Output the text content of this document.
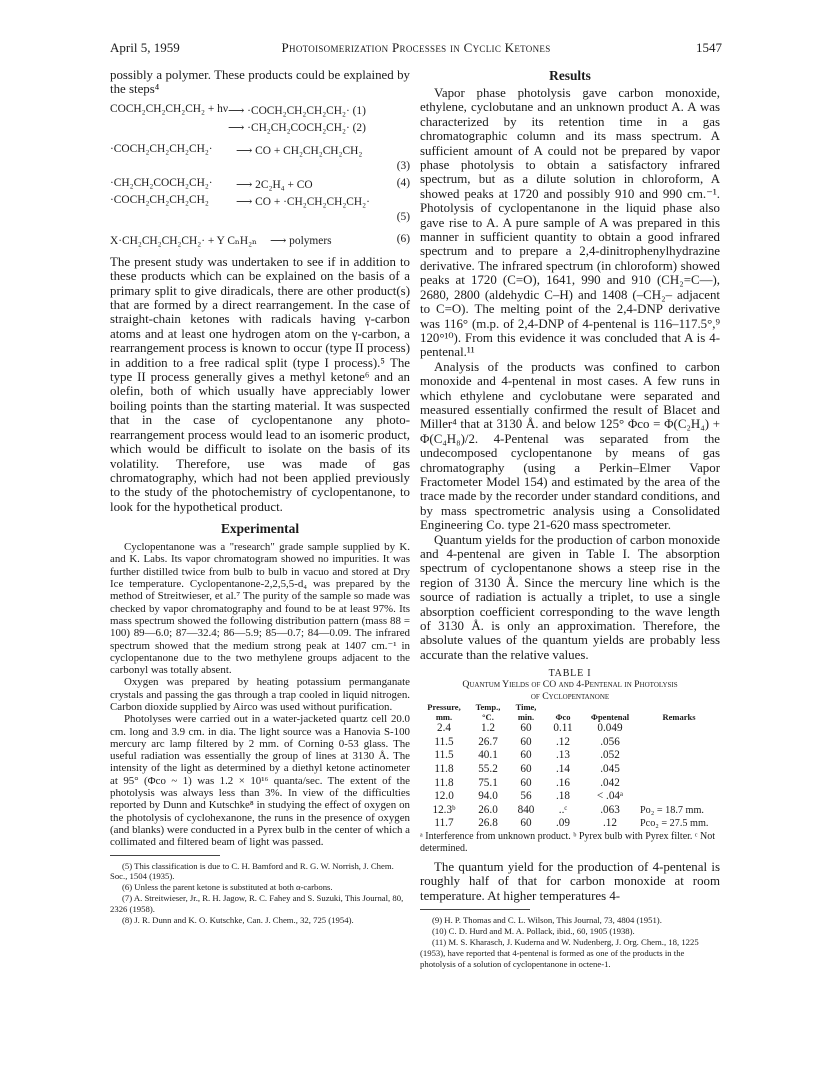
April 5, 1959	Photoisomerization Processes in Cyclic Ketones	1547

possibly a polymer. These products could be explained by the steps⁴

COCH₂CH₂CH₂CH₂ + hν ⟶ ·COCH₂CH₂CH₂CH₂· (1)
⟶ ·CH₂CH₂COCH₂CH₂· (2)
·COCH₂CH₂CH₂CH₂· ⟶ CO + CH₂CH₂CH₂CH₂
(3)
·CH₂CH₂COCH₂CH₂· ⟶ 2C₂H₄ + CO	(4)
·COCH₂CH₂CH₂CH₂ ⟶ CO + ·CH₂CH₂CH₂CH₂·
(5)
X·CH₂CH₂CH₂CH₂· + Y CₙH₂ₙ ⟶ polymers	(6)

The present study was undertaken to see if in addition to these products which can be explained on the basis of a primary split to give diradicals, there are other product(s) that are formed by a direct rearrangement. In the case of straight-chain ketones with radicals having γ-carbon atoms and at least one hydrogen atom on the γ-carbon, a rearrangement process is known to occur (type II process) in addition to a free radical split (type I process).⁵ The type II process generally gives a methyl ketone⁶ and an olefin, both of which usually have appreciably lower boiling points than the starting material. It was suspected that in the case of cyclopentanone any photo-rearrangement process would lead to an isomeric product, which would be difficult to isolate on the basis of its volatility. Therefore, use was made of gas chromatography, which had not been applied previously to the study of the photochemistry of cyclopentanone, to look for the hypothetical product.

Experimental

Cyclopentanone was a "research" grade sample supplied by K. and K. Labs. Its vapor chromatogram showed no impurities. It was further distilled twice from bulb to bulb in vacuo and stored at Dry Ice temperature. Cyclopentanone-2,2,5,5-d₄ was prepared by the method of Streitwieser, et al.⁷ The purity of the sample so made was checked by vapor chromatography and found to be at least 97%. Its mass spectrum showed the following distribution pattern (mass 88 = 100) 89—6.0; 87—32.4; 86—5.9; 85—0.7; 84—0.09. The infrared spectrum showed that the medium strong peak at 1407 cm.⁻¹ in cyclopentanone due to the two methylene groups adjacent to the carbonyl was totally absent.

Oxygen was prepared by heating potassium permanganate crystals and passing the gas through a trap cooled in liquid nitrogen. Carbon dioxide supplied by Airco was used without purification.

Photolyses were carried out in a water-jacketed quartz cell 20.0 cm. long and 3.9 cm. in dia. The light source was a Hanovia S-100 mercury arc lamp filtered by 2 mm. of Corning 0-53 glass. The useful radiation was essentially the group of lines at 3130 Å. The intensity of the light as determined by a diethyl ketone actinometer at 95° (Φco ~ 1) was 1.2 × 10¹⁶ quanta/sec. The extent of the photolysis was always less than 3%. In view of the difficulties reported by Dunn and Kutschke⁸ in studying the effect of oxygen on the photolysis of cyclohexanone, the runs in the presence of oxygen (and blanks) were conducted in a Pyrex bulb in the center of which a collimated and filtered beam of light was passed.

(5) This classification is due to C. H. Bamford and R. G. W. Norrish, J. Chem. Soc., 1504 (1935).

(6) Unless the parent ketone is substituted at both α-carbons.

(7) A. Streitwieser, Jr., R. H. Jagow, R. C. Fahey and S. Suzuki, This Journal, 80, 2326 (1958).

(8) J. R. Dunn and K. O. Kutschke, Can. J. Chem., 32, 725 (1954).

Results

Vapor phase photolysis gave carbon monoxide, ethylene, cyclobutane and an unknown product A. A was characterized by its retention time in a gas chromatographic column and its mass spectrum. A sufficient amount of A could not be prepared by vapor phase photolysis to obtain a satisfactory infrared spectrum, but as a dilute solution in chloroform, A showed peaks at 1720 and possibly 910 and 990 cm.⁻¹. Photolysis of cyclopentanone in the liquid phase also gave rise to A. A pure sample of A was prepared in this manner in sufficient quantity to obtain a good infrared spectrum and to prepare a 2,4-dinitrophenylhydrazine derivative. The infrared spectrum (in chloroform) showed peaks at 1720 (C=O), 1641, 990 and 910 (CH₂=C—), 2680, 2800 (aldehydic C–H) and 1408 (–CH₂– adjacent to C=O). The melting point of the 2,4-DNP derivative was 116° (m.p. of 2,4-DNP of 4-pentenal is 116–117.5°,⁹ 120°¹⁰). From this evidence it was concluded that A is 4-pentenal.¹¹

Analysis of the products was confined to carbon monoxide and 4-pentenal in most cases. A few runs in which ethylene and cyclobutane were separated and measured essentially confirmed the result of Blacet and Miller⁴ that at 3130 Å. and below 125° Φco = Φ(C₂H₄) + Φ(C₄H₈)/2. 4-Pentenal was separated from the undecomposed cyclopentanone by means of gas chromatography (using a Perkin–Elmer Vapor Fractometer Model 154) and estimated by the area of the trace made by the recorder under standard conditions, and by mass spectrometric analysis using a Consolidated Engineering Co. type 21-620 mass spectrometer.

Quantum yields for the production of carbon monoxide and 4-pentenal are given in Table I. The absorption spectrum of cyclopentanone shows a steep rise in the region of 3130 Å. Since the mercury line which is the source of radiation is actually a triplet, to use a single absorption coefficient corresponding to the wave length of 3130 Å. is only an approximation. Therefore, the absolute values of the quantum yields are probably less accurate than the relative values.

TABLE I
Quantum Yields of CO and 4-Pentenal in Photolysis
of Cyclopentanone
Pressure, mm.	Temp., °C.	Time, min.	Φco	Φpentenal	Remarks
2.4	1.2	60	0.11	0.049	
11.5	26.7	60	.12	.056	
11.5	40.1	60	.13	.052	
11.8	55.2	60	.14	.045	
11.8	75.1	60	.16	.042	
12.0	94.0	56	.18	< .04ᵃ	
12.3ᵇ	26.0	840	..ᶜ	.063	Po₂ = 18.7 mm.
11.7	26.8	60	.09	.12	Pco₂ = 27.5 mm.

ᵃ Interference from unknown product. ᵇ Pyrex bulb with Pyrex filter. ᶜ Not determined.

The quantum yield for the production of 4-pentenal is roughly half of that for carbon monoxide at room temperature. At higher temperatures 4-

(9) H. P. Thomas and C. L. Wilson, This Journal, 73, 4804 (1951).

(10) C. D. Hurd and M. A. Pollack, ibid., 60, 1905 (1938).

(11) M. S. Kharasch, J. Kuderna and W. Nudenberg, J. Org. Chem., 18, 1225 (1953), have reported that 4-pentenal is formed as one of the products in the photolysis of a solution of cyclopentanone in octene-1.
